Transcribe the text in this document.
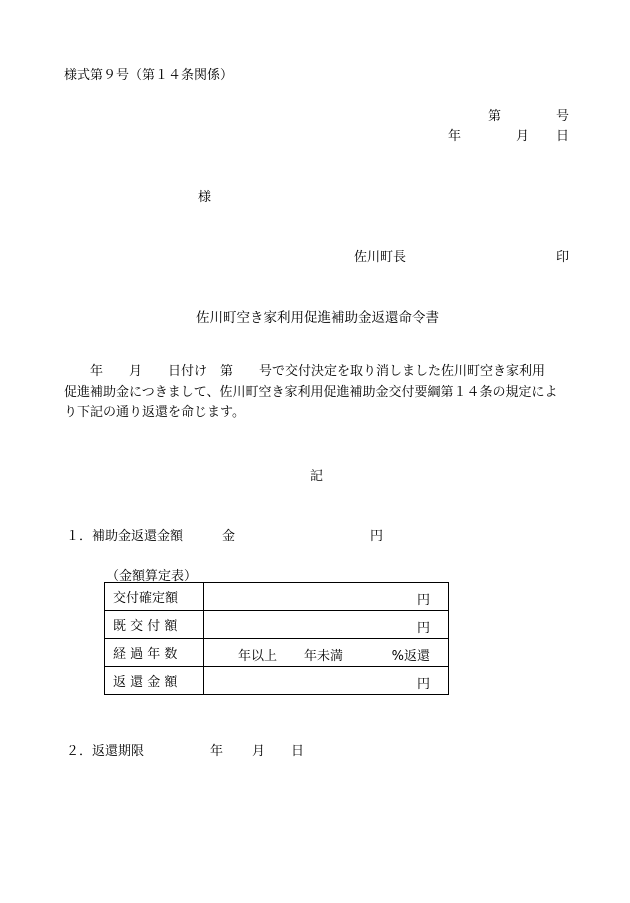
様式第９号（第１４条関係）
第	号
年	月 日
様
佐川町長	印
佐川町空き家利用促進補助金返還命令書
　　年　　月　　日付け　第　　号で交付決定を取り消しました佐川町空き家利用
促進補助金につきまして、佐川町空き家利用促進補助金交付要綱第１４条の規定によ
り下記の通り返還を命じます。
記
１．補助金返還金額	金	円
（金額算定表）
交付確定額	円

既 交 付 額	円

経 過 年 数	年以上 年未満 %返還

返 還 金 額	円
２．返還期限	年 月 日
